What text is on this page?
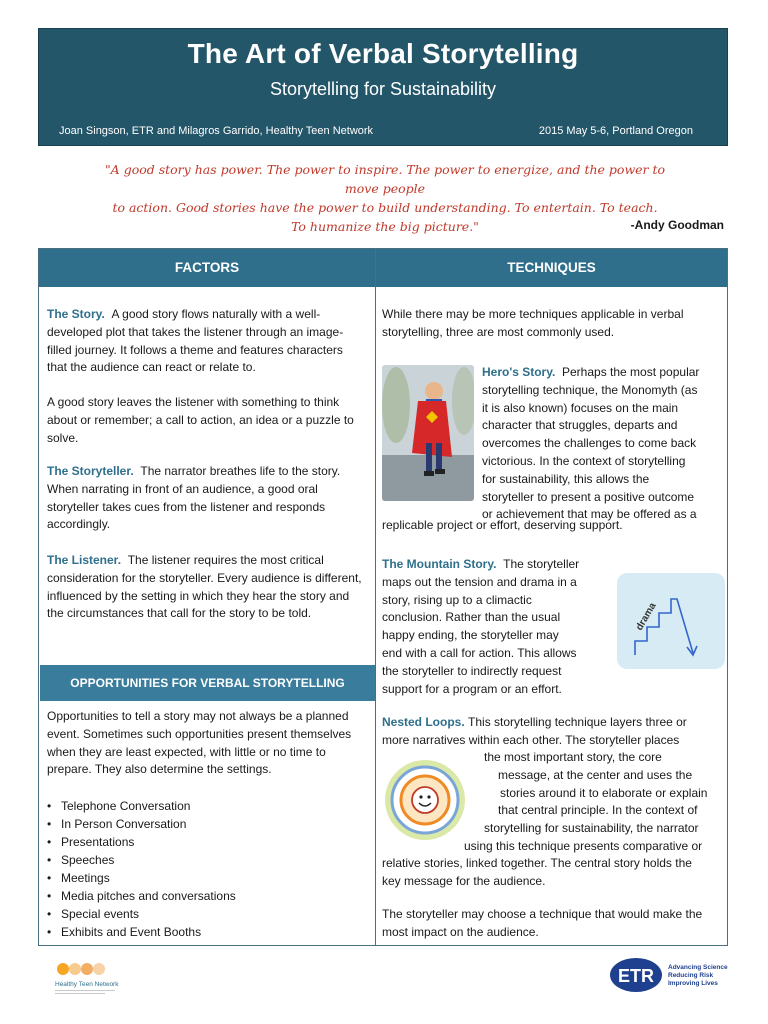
The Art of Verbal Storytelling
Storytelling for Sustainability
Joan Singson, ETR and Milagros Garrido, Healthy Teen Network	2015 May 5-6, Portland Oregon
"A good story has power. The power to inspire. The power to energize, and the power to move people
to action. Good stories have the power to build understanding. To entertain. To teach.
To humanize the big picture."	-Andy Goodman
FACTORS	TECHNIQUES
The Story. A good story flows naturally with a well-developed plot that takes the listener through an image-filled journey. It follows a theme and features characters that the audience can react or relate to.
A good story leaves the listener with something to think about or remember; a call to action, an idea or a puzzle to solve.
The Storyteller. The narrator breathes life to the story. When narrating in front of an audience, a good oral storyteller takes cues from the listener and responds accordingly.
The Listener. The listener requires the most critical consideration for the storyteller. Every audience is different, influenced by the setting in which they hear the story and the circumstances that call for the story to be told.
OPPORTUNITIES FOR VERBAL STORYTELLING
Opportunities to tell a story may not always be a planned event. Sometimes such opportunities present themselves when they are least expected, with little or no time to prepare. They also determine the settings.
• Telephone Conversation
• In Person Conversation
• Presentations
• Speeches
• Meetings
• Media pitches and conversations
• Special events
• Exhibits and Event Booths
While there may be more techniques applicable in verbal storytelling, three are most commonly used.
Hero's Story. Perhaps the most popular
storytelling technique, the Monomyth (as
it is also known) focuses on the main
character that struggles, departs and
overcomes the challenges to come back
victorious. In the context of storytelling
for sustainability, this allows the
storyteller to present a positive outcome
or achievement that may be offered as a
replicable project or effort, deserving support.
The Mountain Story. The storyteller
maps out the tension and drama in a
story, rising up to a climactic
conclusion. Rather than the usual
happy ending, the storyteller may
end with a call for action. This allows
the storyteller to indirectly request
support for a program or an effort.
drama
Nested Loops. This storytelling technique layers three or
more narratives within each other. The storyteller places
the most important story, the core
message, at the center and uses the
stories around it to elaborate or explain
that central principle. In the context of
storytelling for sustainability, the narrator
using this technique presents comparative or
relative stories, linked together. The central story holds the
key message for the audience.
The storyteller may choose a technique that would make the most impact on the audience.
Healthy Teen Network	ETR Advancing Science
Reducing Risk
Improving Lives
